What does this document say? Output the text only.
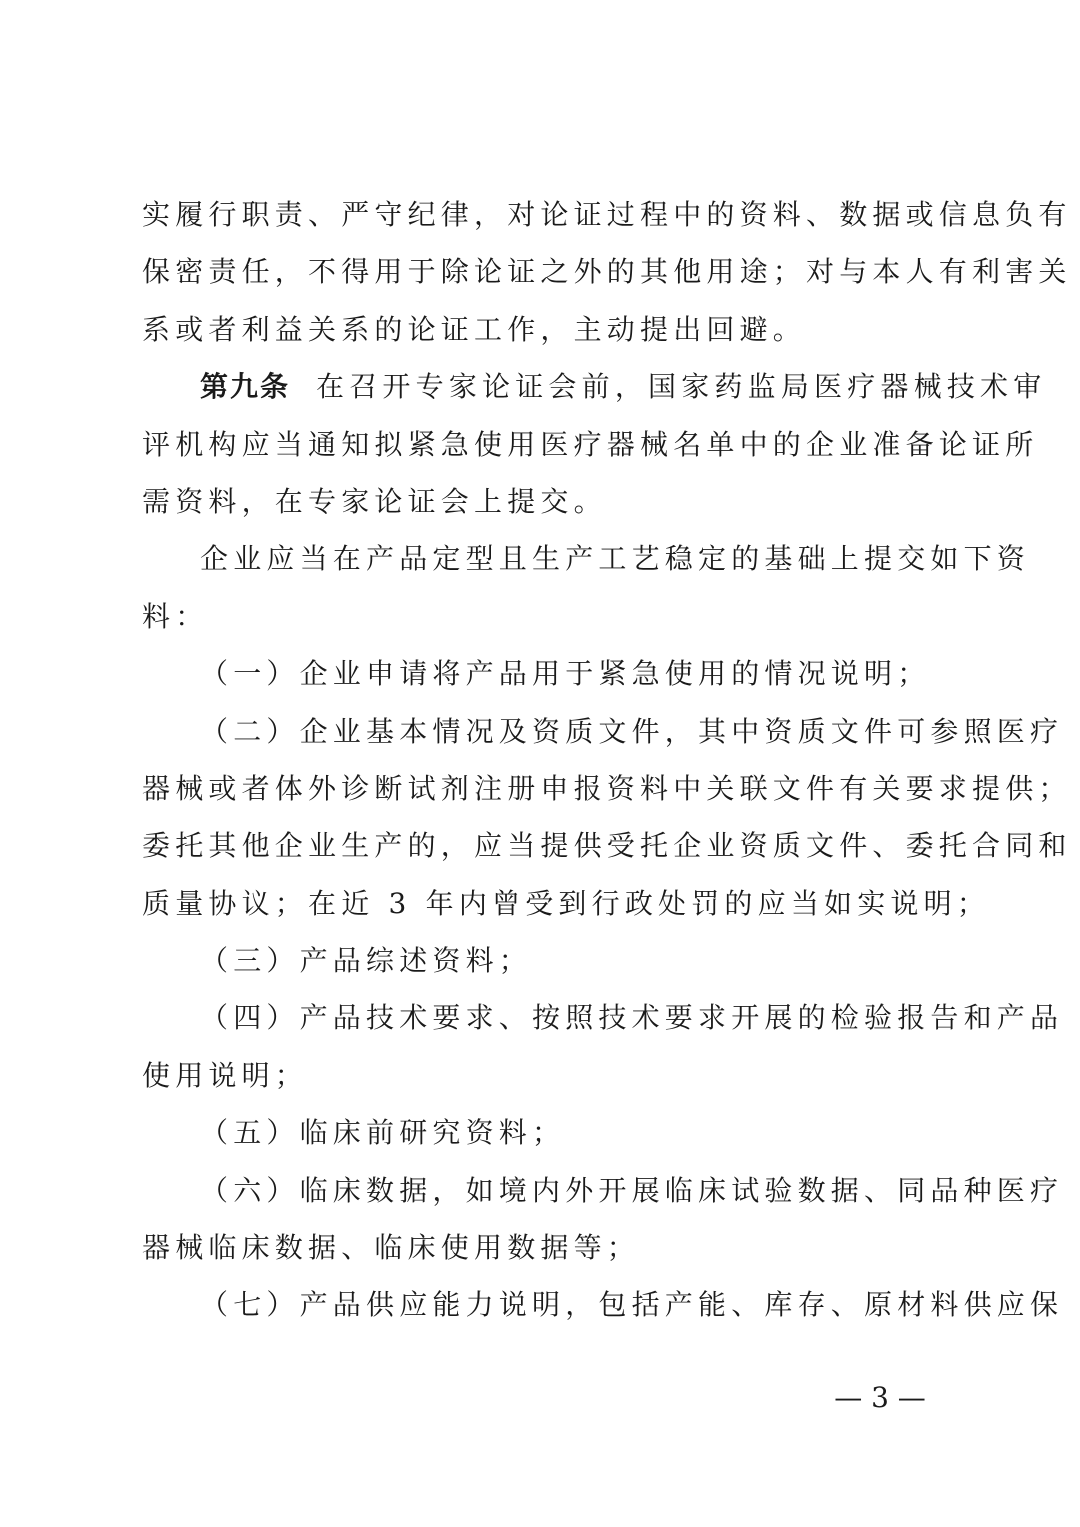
实履行职责、严守纪律，对论证过程中的资料、数据或信息负有
保密责任，不得用于除论证之外的其他用途；对与本人有利害关
系或者利益关系的论证工作，主动提出回避。
第九条 在召开专家论证会前，国家药监局医疗器械技术审
评机构应当通知拟紧急使用医疗器械名单中的企业准备论证所
需资料，在专家论证会上提交。
企业应当在产品定型且生产工艺稳定的基础上提交如下资
料：
（一）企业申请将产品用于紧急使用的情况说明；
（二）企业基本情况及资质文件，其中资质文件可参照医疗
器械或者体外诊断试剂注册申报资料中关联文件有关要求提供；
委托其他企业生产的，应当提供受托企业资质文件、委托合同和
质量协议；在近 3 年内曾受到行政处罚的应当如实说明；
（三）产品综述资料；
（四）产品技术要求、按照技术要求开展的检验报告和产品
使用说明；
（五）临床前研究资料；
（六）临床数据，如境内外开展临床试验数据、同品种医疗
器械临床数据、临床使用数据等；
（七）产品供应能力说明，包括产能、库存、原材料供应保
— 3 —
